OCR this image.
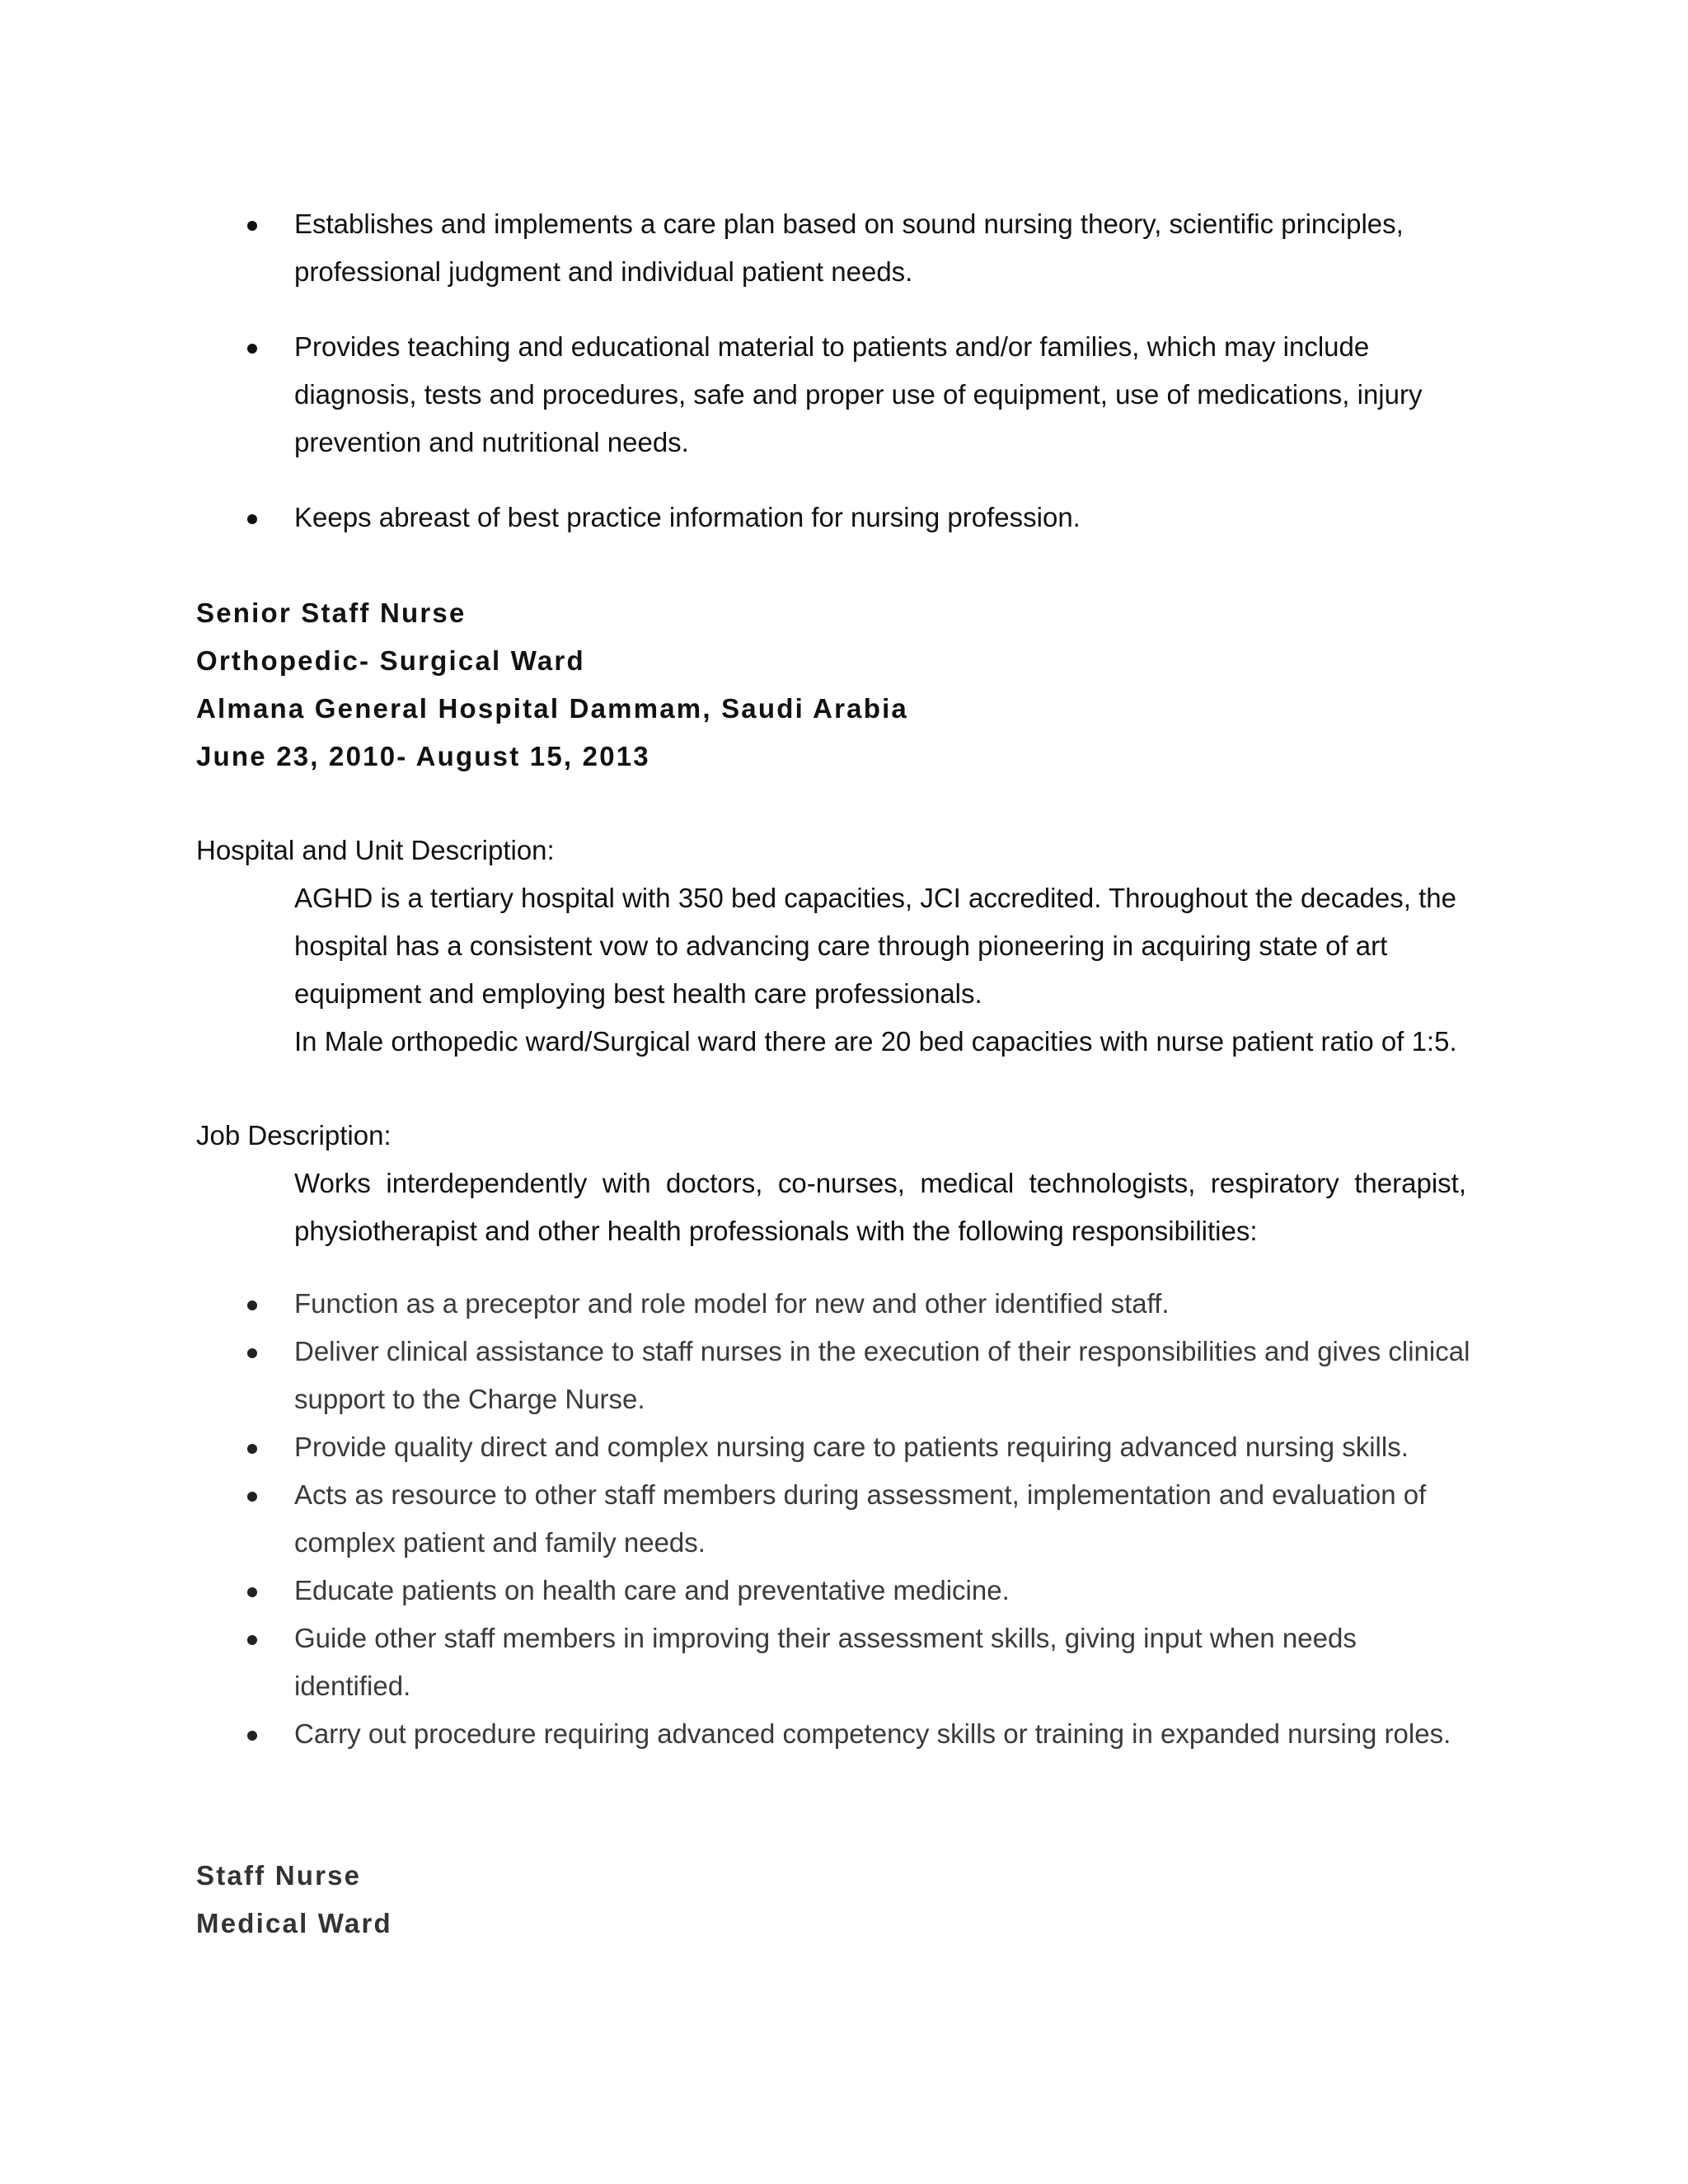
Establishes and implements a care plan based on sound nursing theory, scientific principles, professional judgment and individual patient needs.
Provides teaching and educational material to patients and/or families, which may include diagnosis, tests and procedures, safe and proper use of equipment, use of medications, injury prevention and nutritional needs.
Keeps abreast of best practice information for nursing profession.
Senior Staff Nurse
Orthopedic- Surgical Ward
Almana General Hospital Dammam, Saudi Arabia
June 23, 2010- August 15, 2013
Hospital and Unit Description:

AGHD is a tertiary hospital with 350 bed capacities, JCI accredited. Throughout the decades, the hospital has a consistent vow to advancing care through pioneering in acquiring state of art equipment and employing best health care professionals.

In Male orthopedic ward/Surgical ward there are 20 bed capacities with nurse patient ratio of 1:5.

Job Description:

Works interdependently with doctors, co-nurses, medical technologists, respiratory therapist, physiotherapist and other health professionals with the following responsibilities:

Function as a preceptor and role model for new and other identified staff.
Deliver clinical assistance to staff nurses in the execution of their responsibilities and gives clinical support to the Charge Nurse.
Provide quality direct and complex nursing care to patients requiring advanced nursing skills.
Acts as resource to other staff members during assessment, implementation and evaluation of complex patient and family needs.
Educate patients on health care and preventative medicine.
Guide other staff members in improving their assessment skills, giving input when needs identified.
Carry out procedure requiring advanced competency skills or training in expanded nursing roles.
Staff Nurse
Medical Ward
